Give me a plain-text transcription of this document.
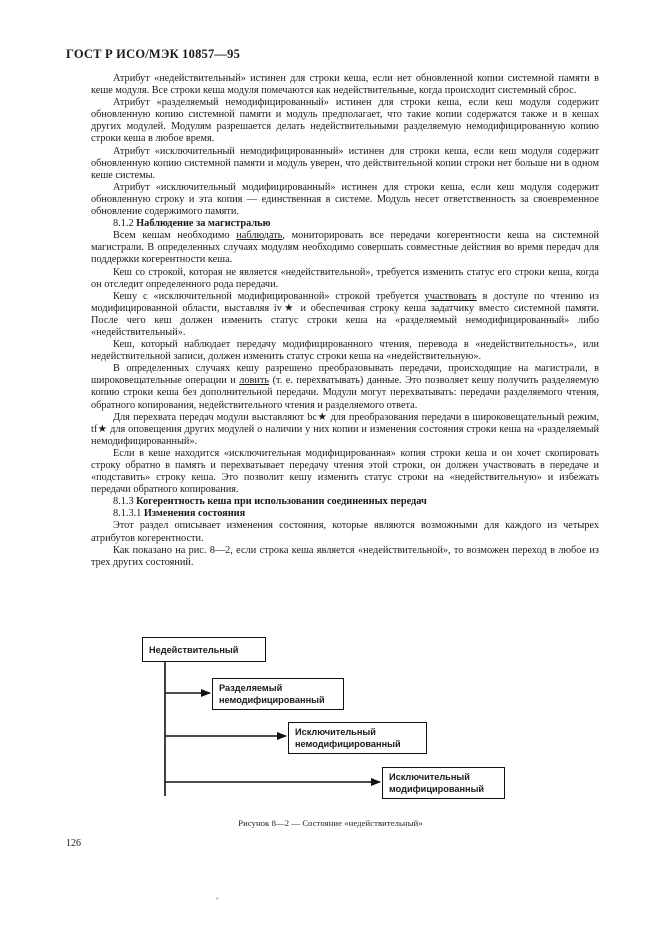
ГОСТ Р ИСО/МЭК 10857—95

Атрибут «недействительный» истинен для строки кеша, если нет обновленной копии системной памяти в кеше модуля. Все строки кеша модуля помечаются как недействительные, когда происходит системный сброс.

Атрибут «разделяемый немодифицированный» истинен для строки кеша, если кеш модуля содержит обновленную копию системной памяти и модуль предполагает, что такие копии содержатся также и в кешах других модулей. Модулям разрешается делать недействительными разделяемую немодифицированную копию строки кеша в любое время.

Атрибут «исключительный немодифицированный» истинен для строки кеша, если кеш модуля содержит обновленную копию системной памяти и модуль уверен, что действительной копии строки нет больше ни в одном кеше системы.

Атрибут «исключительный модифицированный» истинен для строки кеша, если кеш модуля содержит обновленную строку и эта копия — единственная в системе. Модуль несет ответственность за своевременное обновление содержимого памяти.

8.1.2 Наблюдение за магистралью

Всем кешам необходимо наблюдать, мониторировать все передачи когерентности кеша на системной магистрали. В определенных случаях модулям необходимо совершать совместные действия во время передач для поддержки когерентности кеша.

Кеш со строкой, которая не является «недействительной», требуется изменить статус его строки кеша, когда он отследит определенного рода передачи.

Кешу с «исключительной модифицированной» строкой требуется участвовать в доступе по чтению из модифицированной области, выставляя iv★ и обеспечивая строку кеша задатчику вместо системной памяти. После чего кеш должен изменить статус строки кеша на «разделяемый немодифицированный» либо «недействительный».

Кеш, который наблюдает передачу модифицированного чтения, перевода в «недействительность», или недействительной записи, должен изменить статус строки кеша на «недействительную».

В определенных случаях кешу разрешено преобразовывать передачи, происходящие на магистрали, в широковещательные операции и ловить (т. е. перехватывать) данные. Это позволяет кешу получить разделяемую копию строки кеша без дополнительной передачи. Модули могут перехватывать: передачи разделяемого чтения, обратного копирования, недействительного чтения и разделяемого ответа.

Для перехвата передач модули выставляют bc★ для преобразования передачи в широковещательный режим, tf★ для оповещения других модулей о наличии у них копии и изменения состояния строки кеша на «разделяемый немодифицированный».

Если в кеше находится «исключительная модифицированная» копия строки кеша и он хочет скопировать строку обратно в память и перехватывает передачу чтения этой строки, он должен участвовать в передаче и «подставить» строку кеша. Это позволит кешу изменить статус строки на «недействительную» и избежать передачи обратного копирования.

8.1.3 Когерентность кеша при использовании соединенных передач

8.1.3.1 Изменения состояния

Этот раздел описывает изменения состояния, которые являются возможными для каждого из четырех атрибутов когерентности.

Как показано на рис. 8—2, если строка кеша является «недействительной», то возможен переход в любое из трех других состояний.

Недействительный
Разделяемый
немодифицированный
Исключительный
немодифицированный
Исключительный
модифицированный
Рисунок 8—2 — Состояние «недействительный»
126
˚
